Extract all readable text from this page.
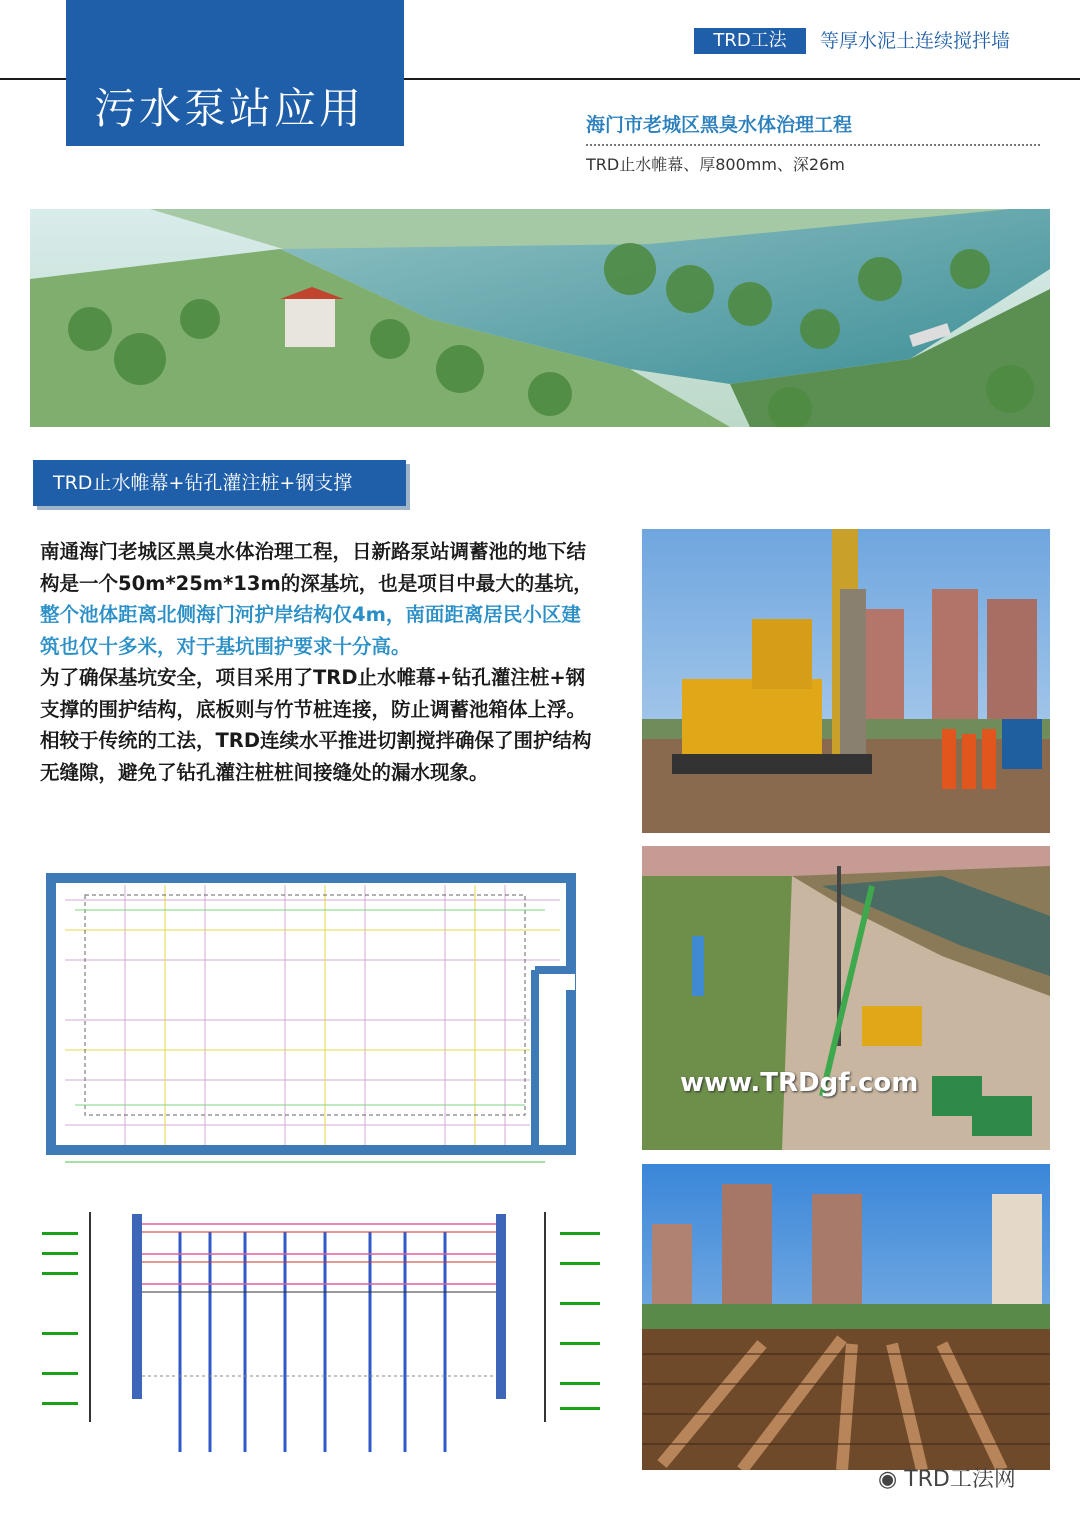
污水泵站应用
TRD工法	等厚水泥土连续搅拌墙
海门市老城区黑臭水体治理工程
TRD止水帷幕、厚800mm、深26m
TRD止水帷幕+钻孔灌注桩+钢支撑

南通海门老城区黑臭水体治理工程，日新路泵站调蓄池的地下结构是一个50m*25m*13m的深基坑，也是项目中最大的基坑，整个池体距离北侧海门河护岸结构仅4m，南面距离居民小区建筑也仅十多米，对于基坑围护要求十分高。

为了确保基坑安全，项目采用了TRD止水帷幕+钻孔灌注桩+钢支撑的围护结构，底板则与竹节桩连接，防止调蓄池箱体上浮。相较于传统的工法，TRD连续水平推进切割搅拌确保了围护结构无缝隙，避免了钻孔灌注桩桩间接缝处的漏水现象。

www.TRDgf.com
◉ TRD工法网
